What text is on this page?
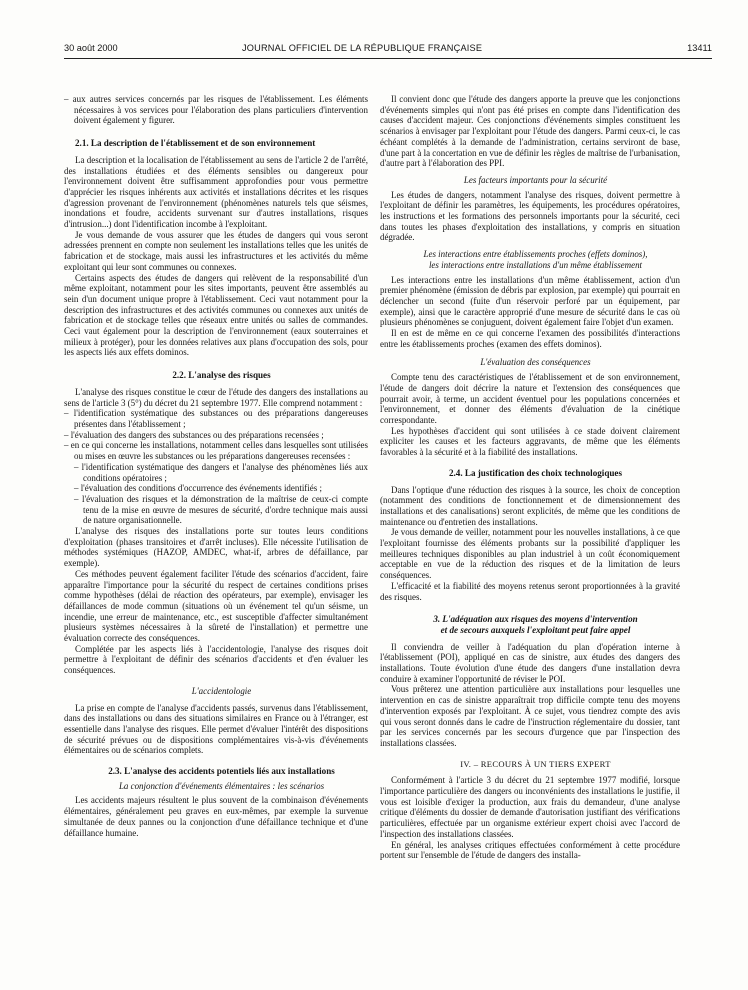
30 août 2000	JOURNAL OFFICIEL DE LA RÉPUBLIQUE FRANÇAISE	13411

– aux autres services concernés par les risques de l'établissement. Les éléments nécessaires à vos services pour l'élaboration des plans particuliers d'intervention doivent également y figurer.

2.1. La description de l'établissement et de son environnement

La description et la localisation de l'établissement au sens de l'article 2 de l'arrêté, des installations étudiées et des éléments sensibles ou dangereux pour l'environnement doivent être suffisamment approfondies pour vous permettre d'apprécier les risques inhérents aux activités et installations décrites et les risques d'agression provenant de l'environnement (phénomènes naturels tels que séismes, inondations et foudre, accidents survenant sur d'autres installations, risques d'intrusion...) dont l'identification incombe à l'exploitant.

Je vous demande de vous assurer que les études de dangers qui vous seront adressées prennent en compte non seulement les installations telles que les unités de fabrication et de stockage, mais aussi les infrastructures et les activités du même exploitant qui leur sont communes ou connexes.

Certains aspects des études de dangers qui relèvent de la responsabilité d'un même exploitant, notamment pour les sites importants, peuvent être assemblés au sein d'un document unique propre à l'établissement. Ceci vaut notamment pour la description des infrastructures et des activités communes ou connexes aux unités de fabrication et de stockage telles que réseaux entre unités ou salles de commandes. Ceci vaut également pour la description de l'environnement (eaux souterraines et milieux à protéger), pour les données relatives aux plans d'occupation des sols, pour les aspects liés aux effets dominos.

2.2. L'analyse des risques

L'analyse des risques constitue le cœur de l'étude des dangers des installations au sens de l'article 3 (5°) du décret du 21 septembre 1977. Elle comprend notamment :

– l'identification systématique des substances ou des préparations dangereuses présentes dans l'établissement ;

– l'évaluation des dangers des substances ou des préparations recensées ;

– en ce qui concerne les installations, notamment celles dans lesquelles sont utilisées ou mises en œuvre les substances ou les préparations dangereuses recensées :

– l'identification systématique des dangers et l'analyse des phénomènes liés aux conditions opératoires ;

– l'évaluation des conditions d'occurrence des événements identifiés ;

– l'évaluation des risques et la démonstration de la maîtrise de ceux-ci compte tenu de la mise en œuvre de mesures de sécurité, d'ordre technique mais aussi de nature organisationnelle.

L'analyse des risques des installations porte sur toutes leurs conditions d'exploitation (phases transitoires et d'arrêt incluses). Elle nécessite l'utilisation de méthodes systémiques (HAZOP, AMDEC, what-if, arbres de défaillance, par exemple).

Ces méthodes peuvent également faciliter l'étude des scénarios d'accident, faire apparaître l'importance pour la sécurité du respect de certaines conditions prises comme hypothèses (délai de réaction des opérateurs, par exemple), envisager les défaillances de mode commun (situations où un événement tel qu'un séisme, un incendie, une erreur de maintenance, etc., est susceptible d'affecter simultanément plusieurs systèmes nécessaires à la sûreté de l'installation) et permettre une évaluation correcte des conséquences.

Complétée par les aspects liés à l'accidentologie, l'analyse des risques doit permettre à l'exploitant de définir des scénarios d'accidents et d'en évaluer les conséquences.

L'accidentologie

La prise en compte de l'analyse d'accidents passés, survenus dans l'établissement, dans des installations ou dans des situations similaires en France ou à l'étranger, est essentielle dans l'analyse des risques. Elle permet d'évaluer l'intérêt des dispositions de sécurité prévues ou de dispositions complémentaires vis-à-vis d'événements élémentaires ou de scénarios complets.

2.3. L'analyse des accidents potentiels liés aux installations

La conjonction d'événements élémentaires : les scénarios

Les accidents majeurs résultent le plus souvent de la combinaison d'événements élémentaires, généralement peu graves en eux-mêmes, par exemple la survenue simultanée de deux pannes ou la conjonction d'une défaillance technique et d'une défaillance humaine.

Il convient donc que l'étude des dangers apporte la preuve que les conjonctions d'événements simples qui n'ont pas été prises en compte dans l'identification des causes d'accident majeur. Ces conjonctions d'événements simples constituent les scénarios à envisager par l'exploitant pour l'étude des dangers. Parmi ceux-ci, le cas échéant complétés à la demande de l'administration, certains serviront de base, d'une part à la concertation en vue de définir les règles de maîtrise de l'urbanisation, d'autre part à l'élaboration des PPI.

Les facteurs importants pour la sécurité

Les études de dangers, notamment l'analyse des risques, doivent permettre à l'exploitant de définir les paramètres, les équipements, les procédures opératoires, les instructions et les formations des personnels importants pour la sécurité, ceci dans toutes les phases d'exploitation des installations, y compris en situation dégradée.

Les interactions entre établissements proches (effets dominos),

les interactions entre installations d'un même établissement

Les interactions entre les installations d'un même établissement, action d'un premier phénomène (émission de débris par explosion, par exemple) qui pourrait en déclencher un second (fuite d'un réservoir perforé par un équipement, par exemple), ainsi que le caractère approprié d'une mesure de sécurité dans le cas où plusieurs phénomènes se conjuguent, doivent également faire l'objet d'un examen.

Il en est de même en ce qui concerne l'examen des possibilités d'interactions entre les établissements proches (examen des effets dominos).

L'évaluation des conséquences

Compte tenu des caractéristiques de l'établissement et de son environnement, l'étude de dangers doit décrire la nature et l'extension des conséquences que pourrait avoir, à terme, un accident éventuel pour les populations concernées et l'environnement, et donner des éléments d'évaluation de la cinétique correspondante.

Les hypothèses d'accident qui sont utilisées à ce stade doivent clairement expliciter les causes et les facteurs aggravants, de même que les éléments favorables à la sécurité et à la fiabilité des installations.

2.4. La justification des choix technologiques

Dans l'optique d'une réduction des risques à la source, les choix de conception (notamment des conditions de fonctionnement et de dimensionnement des installations et des canalisations) seront explicités, de même que les conditions de maintenance ou d'entretien des installations.

Je vous demande de veiller, notamment pour les nouvelles installations, à ce que l'exploitant fournisse des éléments probants sur la possibilité d'appliquer les meilleures techniques disponibles au plan industriel à un coût économiquement acceptable en vue de la réduction des risques et de la limitation de leurs conséquences.

L'efficacité et la fiabilité des moyens retenus seront proportionnées à la gravité des risques.

3. L'adéquation aux risques des moyens d'intervention

et de secours auxquels l'exploitant peut faire appel

Il conviendra de veiller à l'adéquation du plan d'opération interne à l'établissement (POI), appliqué en cas de sinistre, aux études des dangers des installations. Toute évolution d'une étude des dangers d'une installation devra conduire à examiner l'opportunité de réviser le POI.

Vous prêterez une attention particulière aux installations pour lesquelles une intervention en cas de sinistre apparaîtrait trop difficile compte tenu des moyens d'intervention exposés par l'exploitant. À ce sujet, vous tiendrez compte des avis qui vous seront donnés dans le cadre de l'instruction réglementaire du dossier, tant par les services concernés par les secours d'urgence que par l'inspection des installations classées.

IV. – RECOURS À UN TIERS EXPERT

Conformément à l'article 3 du décret du 21 septembre 1977 modifié, lorsque l'importance particulière des dangers ou inconvénients des installations le justifie, il vous est loisible d'exiger la production, aux frais du demandeur, d'une analyse critique d'éléments du dossier de demande d'autorisation justifiant des vérifications particulières, effectuée par un organisme extérieur expert choisi avec l'accord de l'inspection des installations classées.

En général, les analyses critiques effectuées conformément à cette procédure portent sur l'ensemble de l'étude de dangers des installa-
